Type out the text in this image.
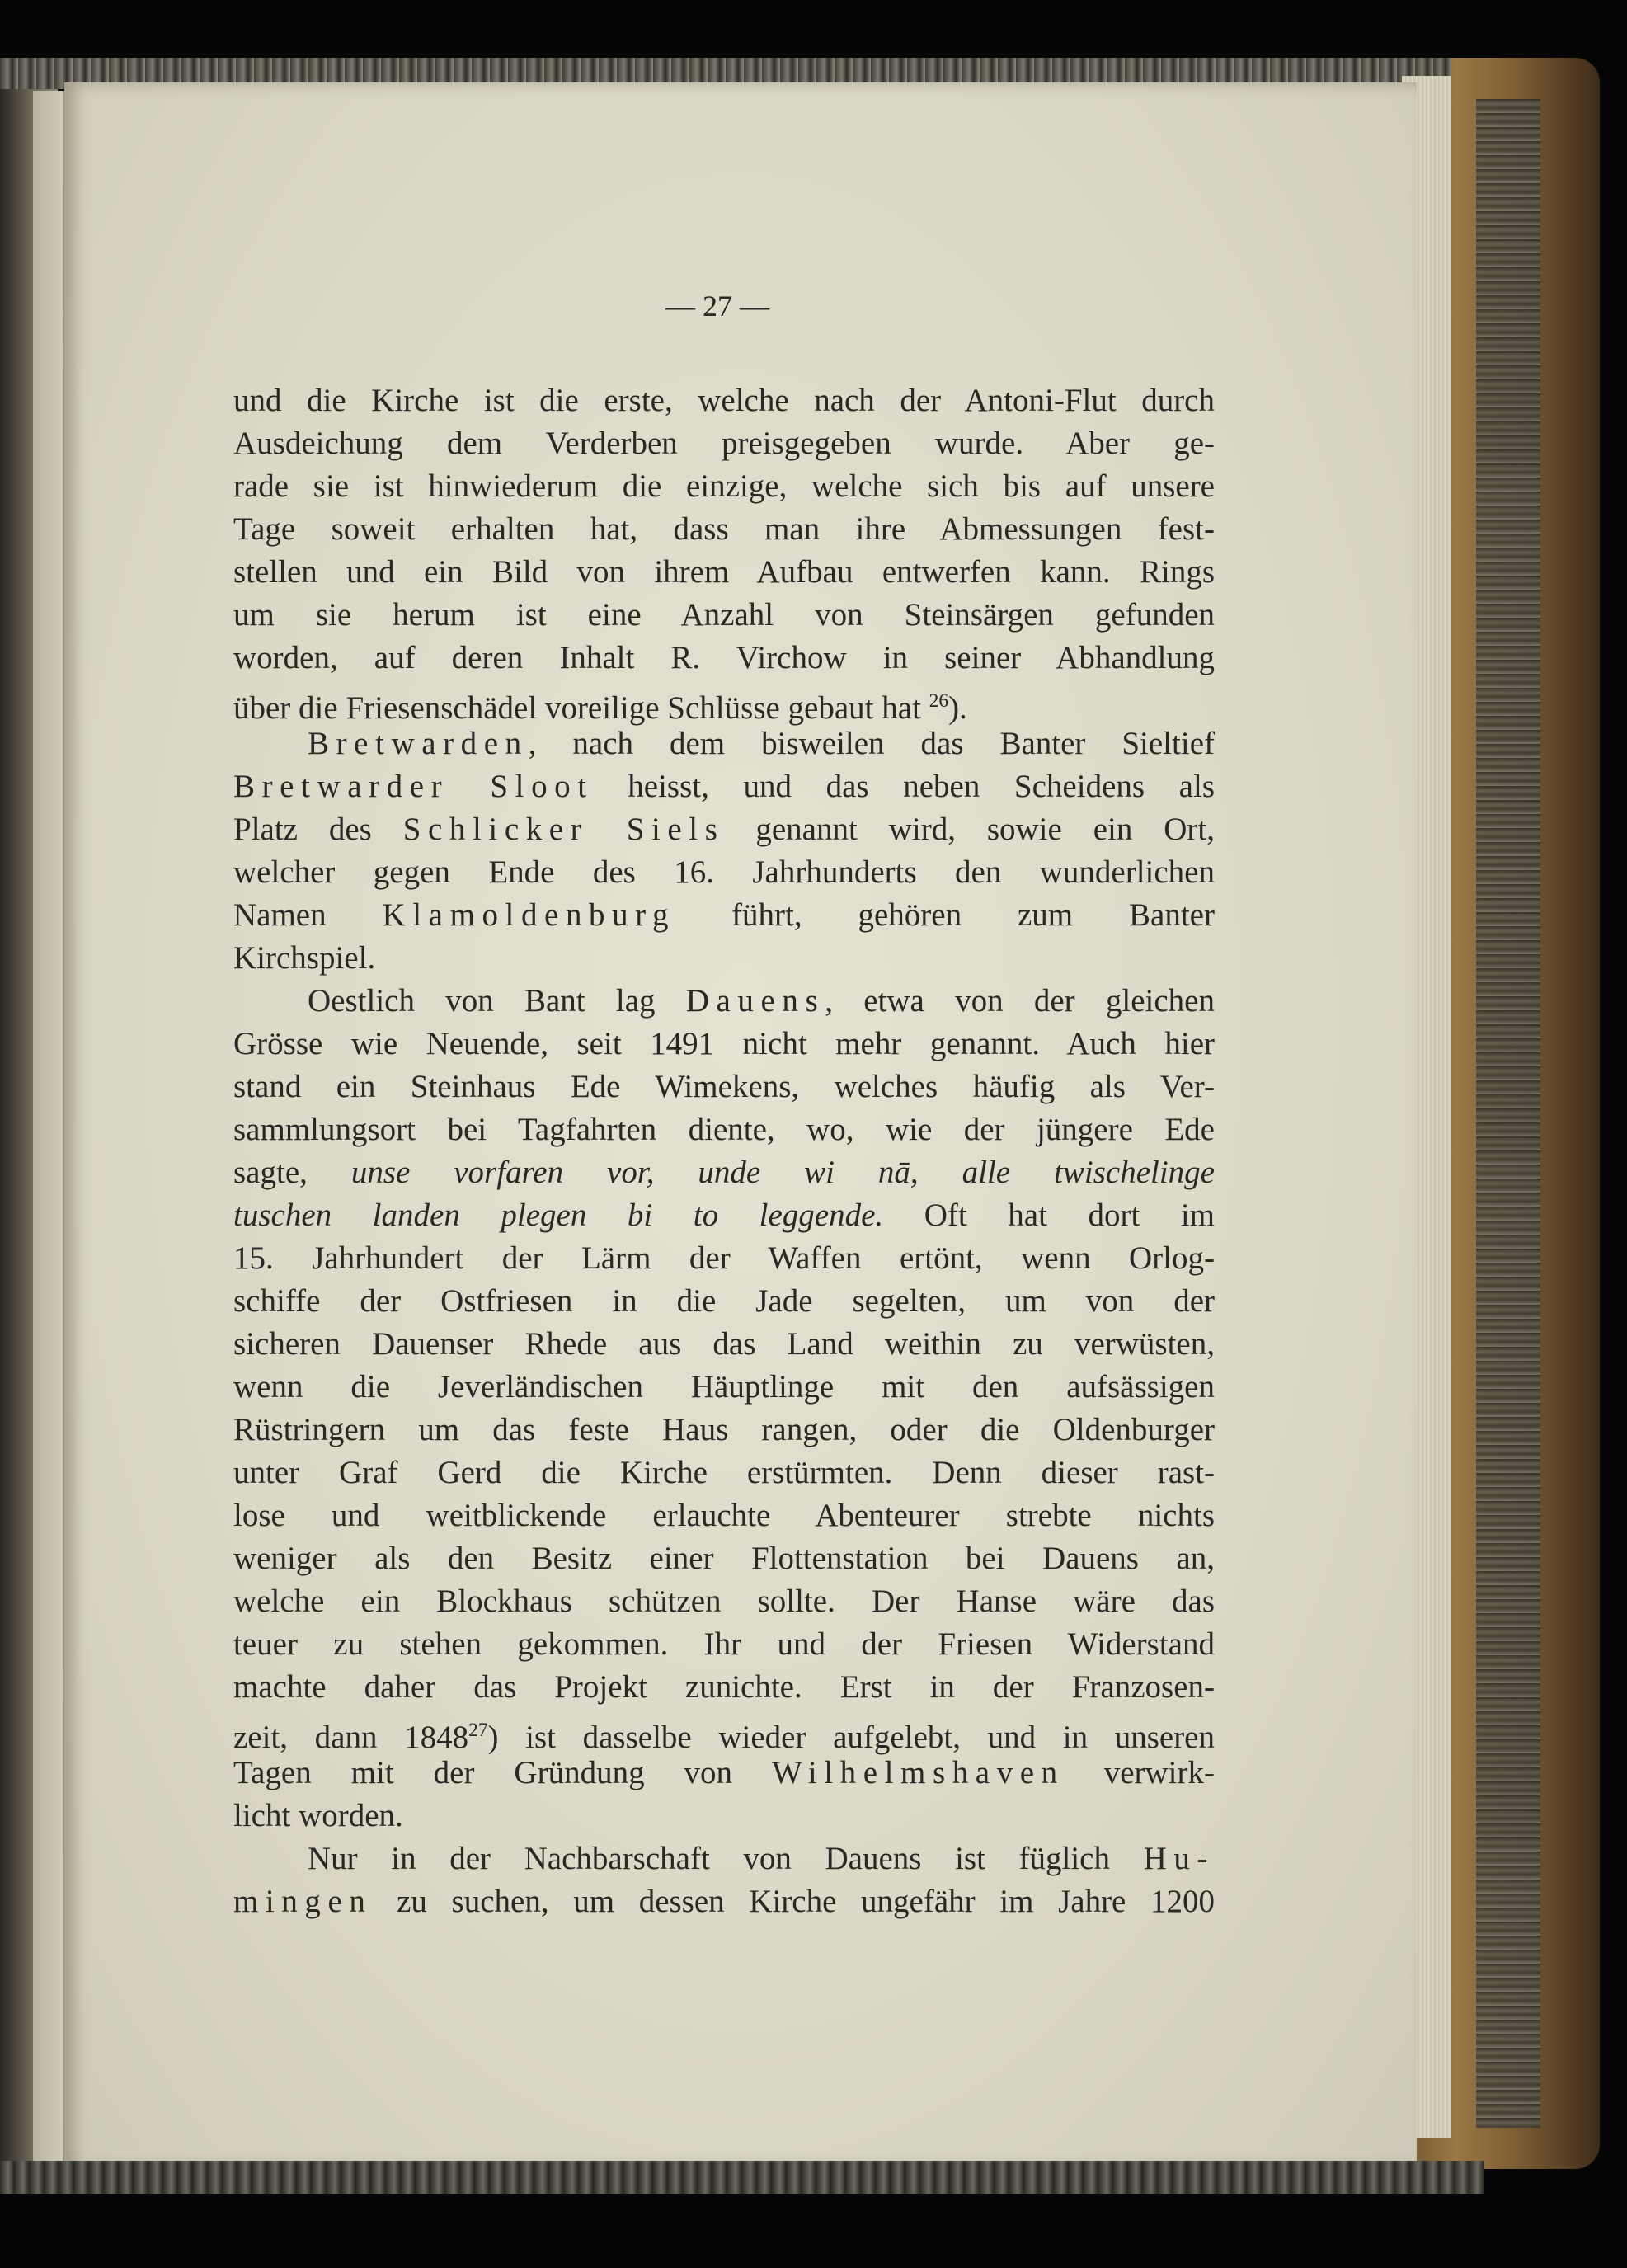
— 27 —
und die Kirche ist die erste, welche nach der Antoni-Flut durch
Ausdeichung dem Verderben preisgegeben wurde. Aber ge-
rade sie ist hinwiederum die einzige, welche sich bis auf unsere
Tage soweit erhalten hat, dass man ihre Abmessungen fest-
stellen und ein Bild von ihrem Aufbau entwerfen kann. Rings
um sie herum ist eine Anzahl von Steinsärgen gefunden
worden, auf deren Inhalt R. Virchow in seiner Abhandlung
über die Friesenschädel voreilige Schlüsse gebaut hat $^{26}$).
Bretwarden, nach dem bisweilen das Banter Sieltief
Bretwarder Sloot heisst, und das neben Scheidens als
Platz des Schlicker Siels genannt wird, sowie ein Ort,
welcher gegen Ende des 16. Jahrhunderts den wunderlichen
Namen Klamoldenburg führt, gehören zum Banter
Kirchspiel.
Oestlich von Bant lag Dauens, etwa von der gleichen
Grösse wie Neuende, seit 1491 nicht mehr genannt. Auch hier
stand ein Steinhaus Ede Wimekens, welches häufig als Ver-
sammlungsort bei Tagfahrten diente, wo, wie der jüngere Ede
sagte, unse vorfaren vor, unde wi nā, alle twischelinge
tuschen landen plegen bi to leggende. Oft hat dort im
15. Jahrhundert der Lärm der Waffen ertönt, wenn Orlog-
schiffe der Ostfriesen in die Jade segelten, um von der
sicheren Dauenser Rhede aus das Land weithin zu verwüsten,
wenn die Jeverländischen Häuptlinge mit den aufsässigen
Rüstringern um das feste Haus rangen, oder die Oldenburger
unter Graf Gerd die Kirche erstürmten. Denn dieser rast-
lose und weitblickende erlauchte Abenteurer strebte nichts
weniger als den Besitz einer Flottenstation bei Dauens an,
welche ein Blockhaus schützen sollte. Der Hanse wäre das
teuer zu stehen gekommen. Ihr und der Friesen Widerstand
machte daher das Projekt zunichte. Erst in der Franzosen-
zeit, dann 1848$^{27}$) ist dasselbe wieder aufgelebt, und in unseren
Tagen mit der Gründung von Wilhelmshaven verwirk-
licht worden.
Nur in der Nachbarschaft von Dauens ist füglich Hu-
mingen zu suchen, um dessen Kirche ungefähr im Jahre 1200
